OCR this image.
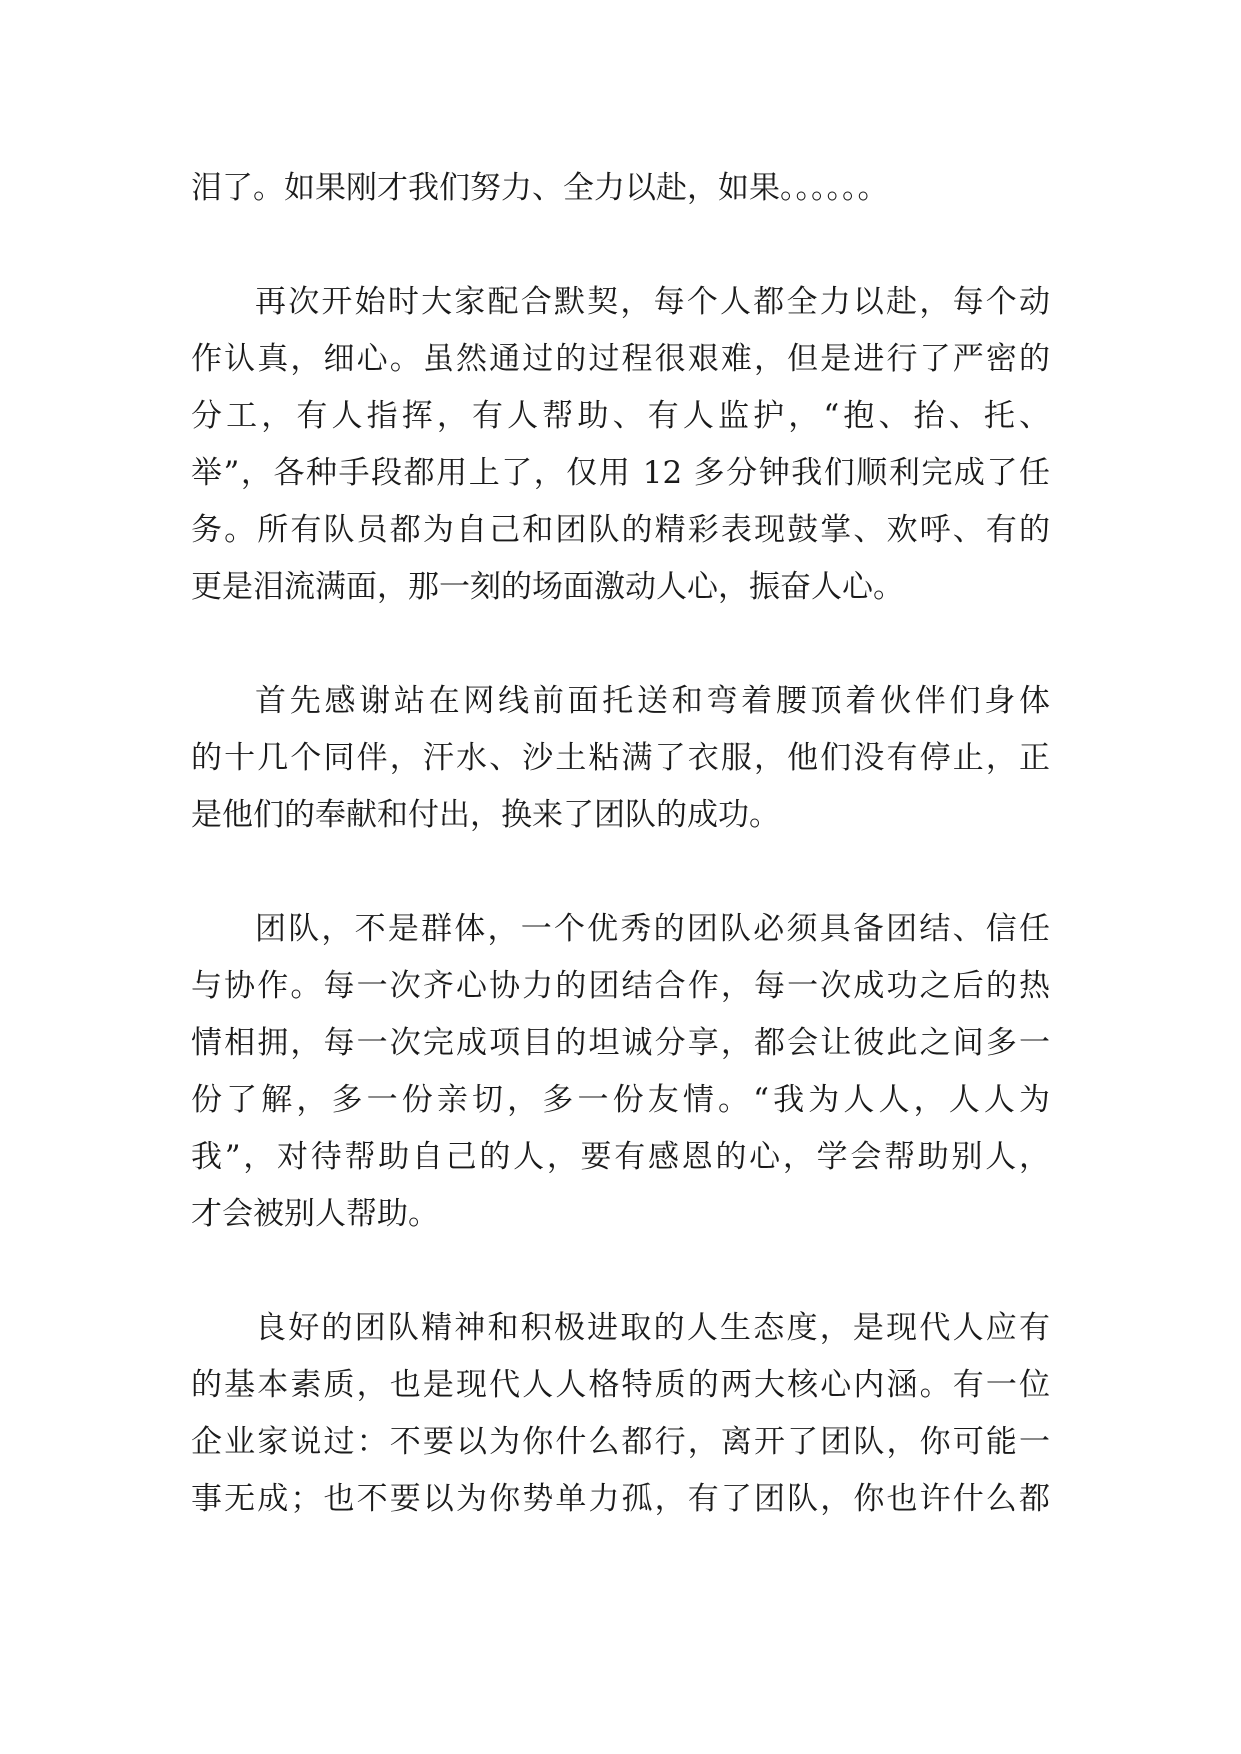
泪了。如果刚才我们努力、全力以赴，如果。。。。。。
再次开始时大家配合默契，每个人都全力以赴，每个动
作认真，细心。虽然通过的过程很艰难，但是进行了严密的
分工，有人指挥，有人帮助、有人监护，“抱、抬、托、
举”，各种手段都用上了，仅用 12 多分钟我们顺利完成了任
务。所有队员都为自己和团队的精彩表现鼓掌、欢呼、有的
更是泪流满面，那一刻的场面激动人心，振奋人心。
首先感谢站在网线前面托送和弯着腰顶着伙伴们身体
的十几个同伴，汗水、沙土粘满了衣服，他们没有停止，正
是他们的奉献和付出，换来了团队的成功。
团队，不是群体，一个优秀的团队必须具备团结、信任
与协作。每一次齐心协力的团结合作，每一次成功之后的热
情相拥，每一次完成项目的坦诚分享，都会让彼此之间多一
份了解，多一份亲切，多一份友情。“我为人人，人人为
我”，对待帮助自己的人，要有感恩的心，学会帮助别人，
才会被别人帮助。
良好的团队精神和积极进取的人生态度，是现代人应有
的基本素质，也是现代人人格特质的两大核心内涵。有一位
企业家说过：不要以为你什么都行，离开了团队，你可能一
事无成；也不要以为你势单力孤，有了团队，你也许什么都
